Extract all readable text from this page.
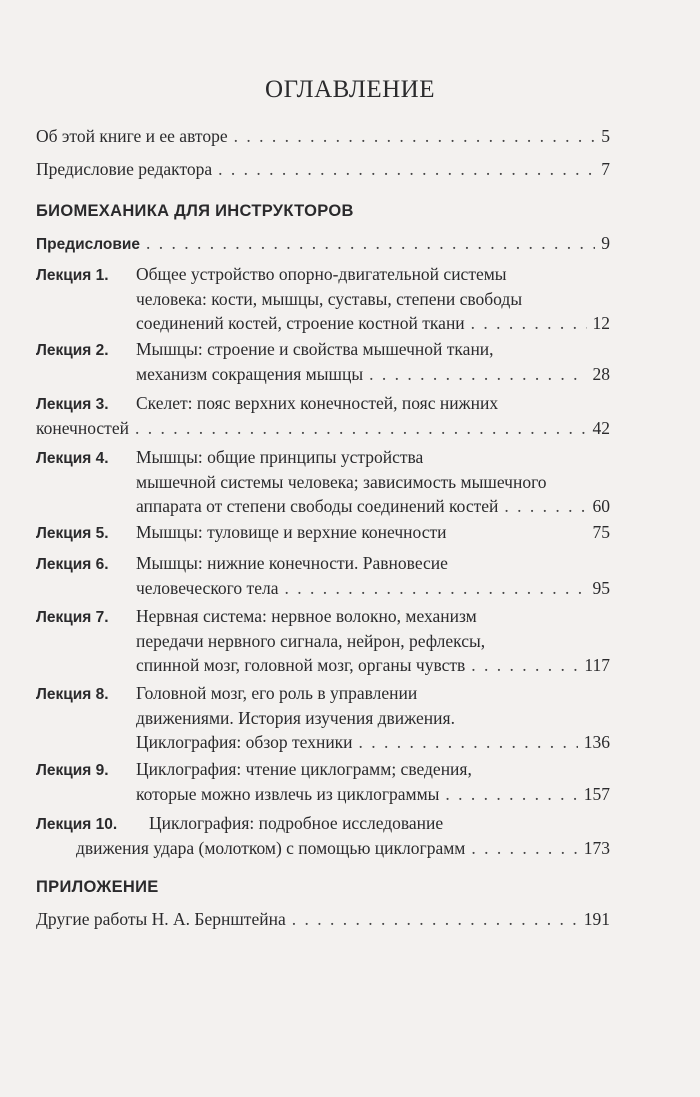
ОГЛАВЛЕНИЕ
Об этой книге и ее авторе . . .	5
Предисловие редактора . . .	7
БИОМЕХАНИКА ДЛЯ ИНСТРУКТОРОВ
Предисловие . . .	9
Лекция 1.	Общее устройство опорно-двигательной системы
человека: кости, мышцы, суставы, степени свободы
соединений костей, строение костной ткани . . .	12
Лекция 2.	Мышцы: строение и свойства мышечной ткани,
механизм сокращения мышцы . . .	28
Лекция 3.	Скелет: пояс верхних конечностей, пояс нижних
конечностей . . .	42
Лекция 4.	Мышцы: общие принципы устройства
мышечной системы человека; зависимость мышечного
аппарата от степени свободы соединений костей . . .	60
Лекция 5.	Мышцы: туловище и верхние конечности	75
Лекция 6.	Мышцы: нижние конечности. Равновесие
человеческого тела . . .	95
Лекция 7.	Нервная система: нервное волокно, механизм
передачи нервного сигнала, нейрон, рефлексы,
спинной мозг, головной мозг, органы чувств . . .	117
Лекция 8.	Головной мозг, его роль в управлении
движениями. История изучения движения.
Циклография: обзор техники . . .	136
Лекция 9.	Циклография: чтение циклограмм; сведения,
которые можно извлечь из циклограммы . . .	157
Лекция 10.	Циклография: подробное исследование
движения удара (молотком) с помощью циклограмм . . .	173
ПРИЛОЖЕНИЕ
Другие работы Н. А. Бернштейна . . .	191
